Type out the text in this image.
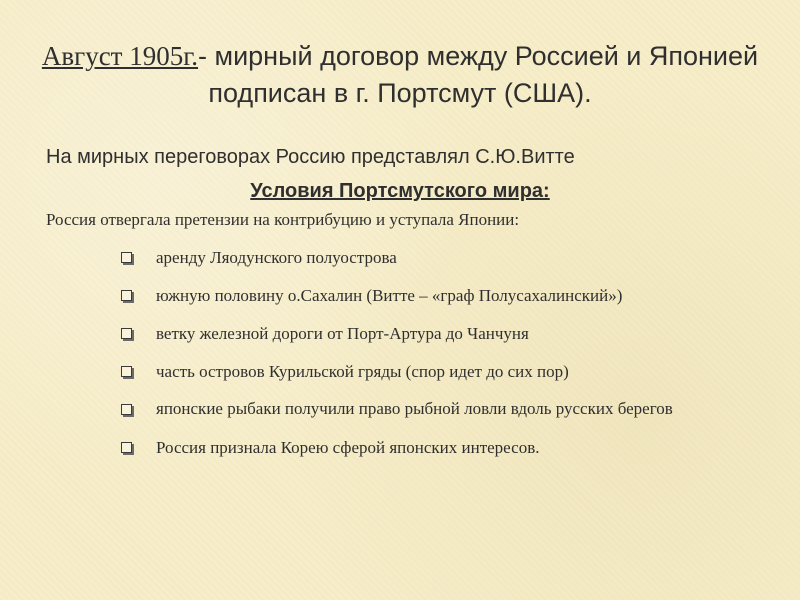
Август 1905г.- мирный договор между Россией и Японией подписан в г. Портсмут (США).
На мирных переговорах Россию представлял С.Ю.Витте
Условия Портсмутского мира:
Россия отвергала претензии на контрибуцию и уступала Японии:
аренду Ляодунского полуострова
южную половину о.Сахалин (Витте – «граф Полусахалинский»)
ветку железной дороги от Порт-Артура до Чанчуня
часть островов Курильской гряды (спор идет до сих пор)
японские рыбаки получили право рыбной ловли вдоль русских берегов
Россия признала Корею сферой японских интересов.
